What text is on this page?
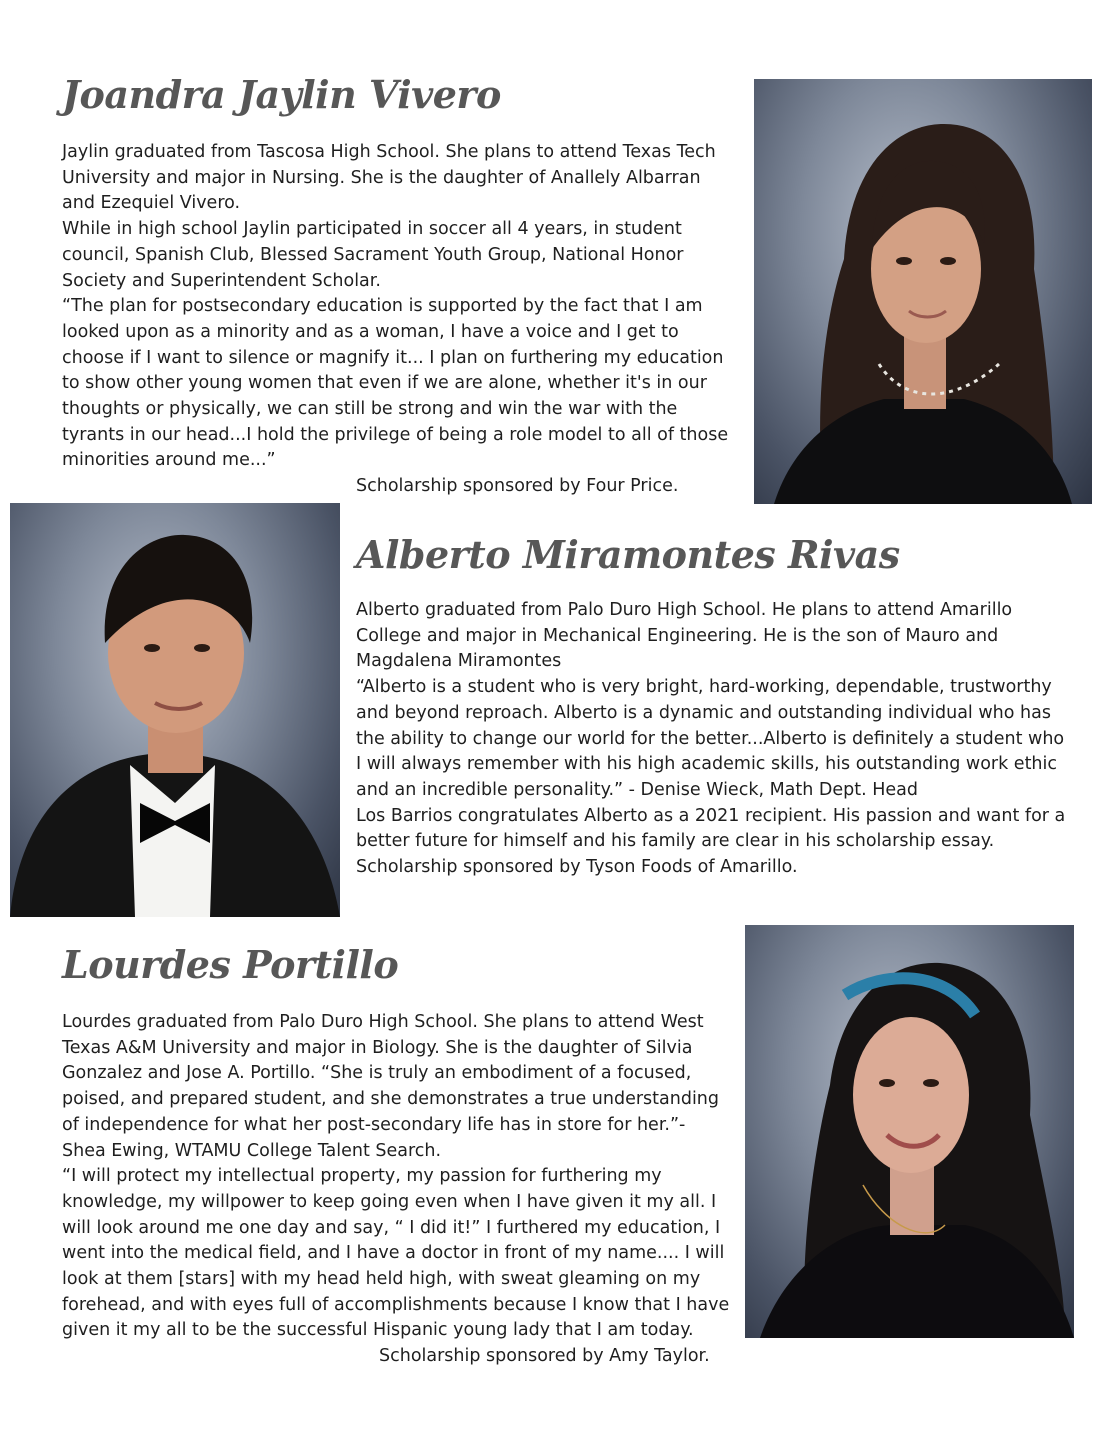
Joandra Jaylin Vivero

Jaylin graduated from Tascosa High School. She plans to attend Texas Tech University and major in Nursing. She is the daughter of Anallely Albarran and Ezequiel Vivero.

While in high school Jaylin participated in soccer all 4 years, in student council, Spanish Club, Blessed Sacrament Youth Group, National Honor Society and Superintendent Scholar.

“The plan for postsecondary education is supported by the fact that I am looked upon as a minority and as a woman, I have a voice and I get to choose if I want to silence or magnify it... I plan on furthering my education to show other young women that even if we are alone, whether it's in our thoughts or physically, we can still be strong and win the war with the tyrants in our head...I hold the privilege of being a role model to all of those minorities around me...”

Scholarship sponsored by Four Price.

Alberto Miramontes Rivas

Alberto graduated from Palo Duro High School. He plans to attend Amarillo College and major in Mechanical Engineering. He is the son of Mauro and Magdalena Miramontes

“Alberto is a student who is very bright, hard-working, dependable, trustworthy and beyond reproach. Alberto is a dynamic and outstanding individual who has the ability to change our world for the better...Alberto is definitely a student who I will always remember with his high academic skills, his outstanding work ethic and an incredible personality.” - Denise Wieck, Math Dept. Head

Los Barrios congratulates Alberto as a 2021 recipient. His passion and want for a better future for himself and his family are clear in his scholarship essay.

Scholarship sponsored by Tyson Foods of Amarillo.

Lourdes Portillo

Lourdes graduated from Palo Duro High School. She plans to attend West Texas A&M University and major in Biology. She is the daughter of Silvia Gonzalez and Jose A. Portillo. “She is truly an embodiment of a focused, poised, and prepared student, and she demonstrates a true understanding of independence for what her post-secondary life has in store for her.”- Shea Ewing, WTAMU College Talent Search.

“I will protect my intellectual property, my passion for furthering my knowledge, my willpower to keep going even when I have given it my all. I will look around me one day and say, “ I did it!” I furthered my education, I went into the medical field, and I have a doctor in front of my name.... I will look at them [stars] with my head held high, with sweat gleaming on my forehead, and with eyes full of accomplishments because I know that I have given it my all to be the successful Hispanic young lady that I am today.

Scholarship sponsored by Amy Taylor.
